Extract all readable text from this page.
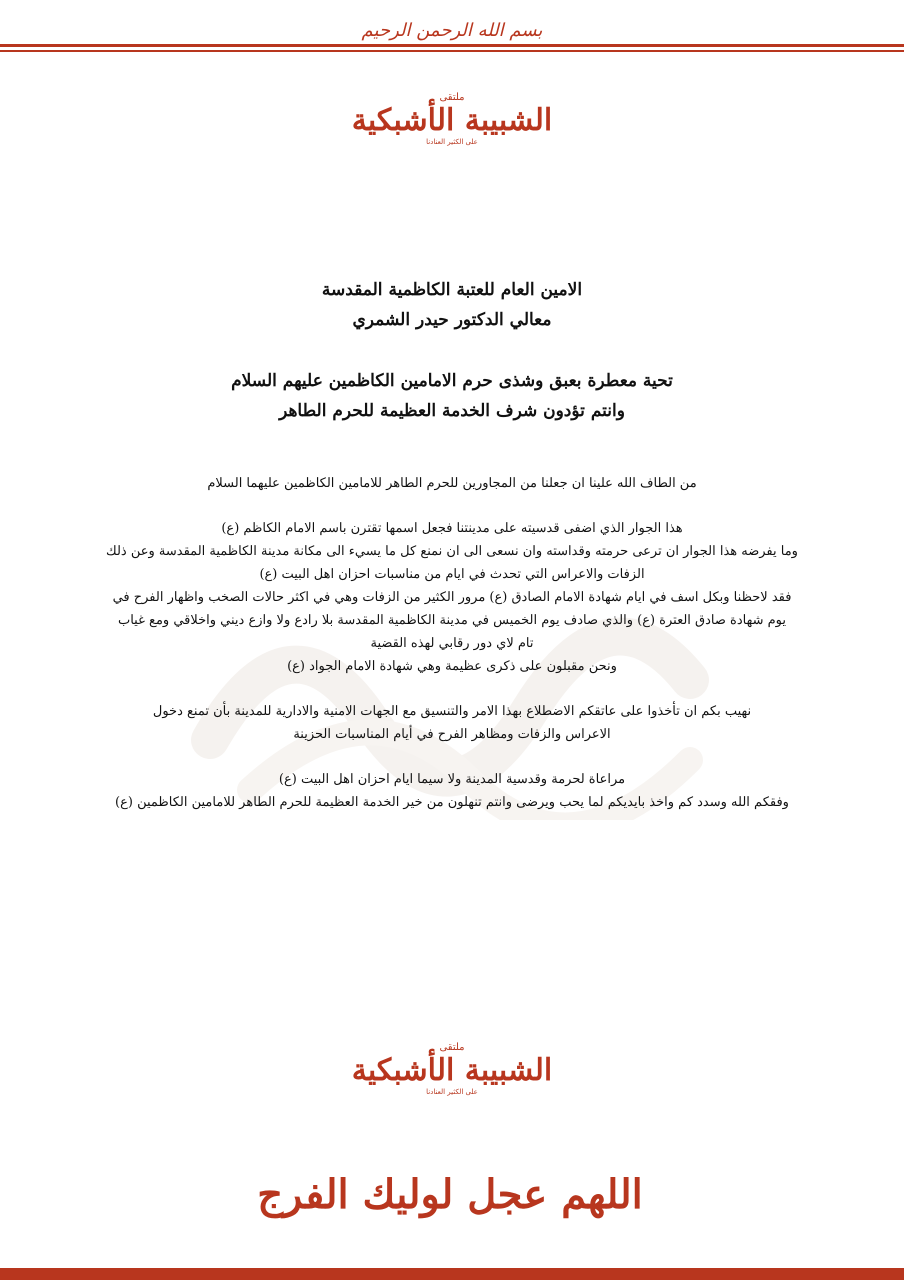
بسم الله الرحمن الرحيم
ملتقى
الشبيبة الأشبكية
على الكثير العنادنا
الامين العام للعتبة الكاظمية المقدسة
معالي الدكتور حيدر الشمري
تحية معطرة بعبق وشذى حرم الامامين الكاظمين عليهم السلام
وانتم تؤدون شرف الخدمة العظيمة للحرم الطاهر

من الطاف الله علينا ان جعلنا من المجاورين للحرم الطاهر للامامين الكاظمين عليهما السلام

هذا الجوار الذي اضفى قدسيته على مدينتنا فجعل اسمها تقترن باسم الامام الكاظم (ع)

وما يفرضه هذا الجوار ان ترعى حرمته وقداسته وان نسعى الى ان نمنع كل ما يسيء الى مكانة مدينة الكاظمية المقدسة وعن ذلك

الزفات والاعراس التي تحدث في ايام من مناسبات احزان اهل البيت (ع)

فقد لاحظنا وبكل اسف في ايام شهادة الامام الصادق (ع) مرور الكثير من الزفات وهي في اكثر حالات الصخب واظهار الفرح في

يوم شهادة صادق العترة (ع) والذي صادف يوم الخميس في مدينة الكاظمية المقدسة بلا رادع ولا وازع ديني واخلاقي ومع غياب

تام لاي دور رقابي لهذه القضية

ونحن مقبلون على ذكرى عظيمة وهي شهادة الامام الجواد (ع)

نهيب بكم ان تأخذوا على عاتقكم الاضطلاع بهذا الامر والتنسيق مع الجهات الامنية والادارية للمدينة بأن تمنع دخول

الاعراس والزفات ومظاهر الفرح في أيام المناسبات الحزينة

مراعاة لحرمة وقدسية المدينة ولا سيما ايام احزان اهل البيت (ع)

وفقكم الله وسدد كم واخذ بايديكم لما يحب ويرضى وانتم تنهلون من خير الخدمة العظيمة للحرم الطاهر للامامين الكاظمين (ع)

ملتقى
الشبيبة الأشبكية
على الكثير العنادنا
اللهم عجل لوليك الفرج
